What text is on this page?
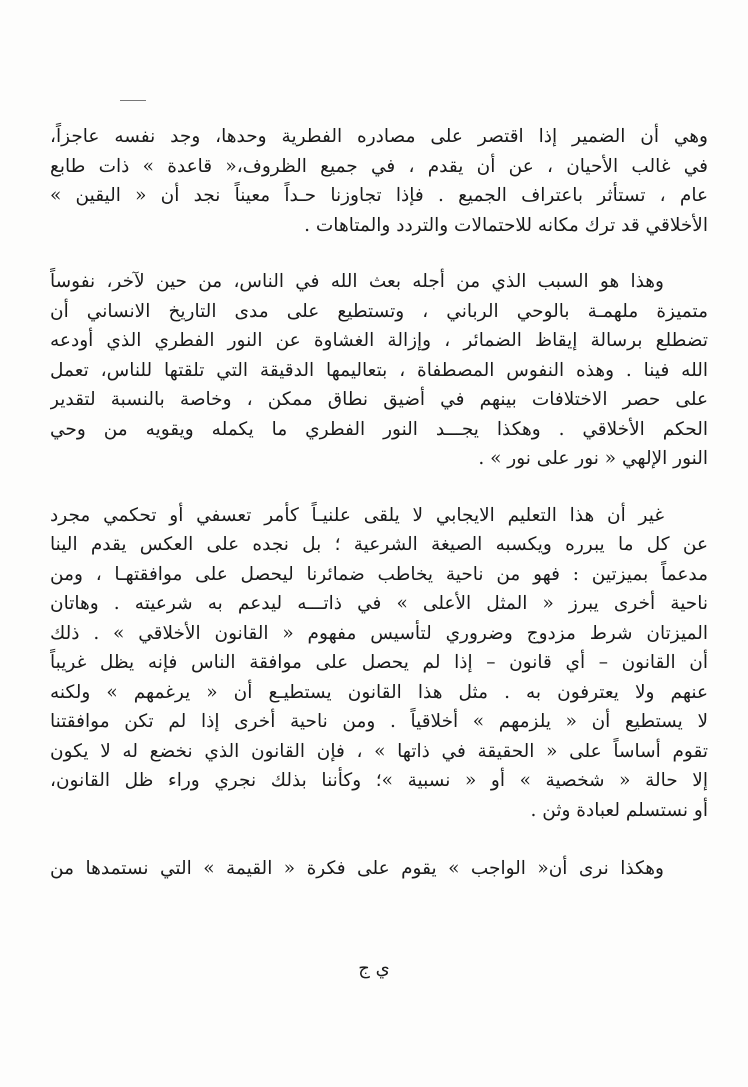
وهي أن الضمير إذا اقتصر على مصادره الفطرية وحدها، وجد نفسه عاجزاً،
في غالب الأحيان ، عن أن يقدم ، في جميع الظروف،« قاعدة » ذات طابع
عام ، تستأثر باعتراف الجميع . فإذا تجاوزنا حـداً معيناً نجد أن « اليقين »
الأخلاقي قد ترك مكانه للاحتمالات والتردد والمتاهات .
وهذا هو السبب الذي من أجله بعث الله في الناس، من حين لآخر، نفوساً
متميزة ملهمـة بالوحي الرباني ، وتستطيع على مدى التاريخ الانساني أن
تضطلع برسالة إيقاظ الضمائر ، وإزالة الغشاوة عن النور الفطري الذي أودعه
الله فينا . وهذه النفوس المصطفاة ، بتعاليمها الدقيقة التي تلقتها للناس، تعمل
على حصر الاختلافات بينهم في أضيق نطاق ممكن ، وخاصة بالنسبة لتقدير
الحكم الأخلاقي . وهكذا يجـــد النور الفطري ما يكمله ويقويه من وحي
النور الإلهي « نور على نور » .
غير أن هذا التعليم الايجابي لا يلقى علنيـاً كأمر تعسفي أو تحكمي مجرد
عن كل ما يبرره ويكسبه الصيغة الشرعية ؛ بل نجده على العكس يقدم الينا
مدعماً بميزتين : فهو من ناحية يخاطب ضمائرنا ليحصل على موافقتهـا ، ومن
ناحية أخرى يبرز « المثل الأعلى » في ذاتـــه ليدعم به شرعيته . وهاتان
الميزتان شرط مزدوج وضروري لتأسيس مفهوم « القانون الأخلاقي » . ذلك
أن القانون – أي قانون – إذا لم يحصل على موافقة الناس فإنه يظل غريباً
عنهم ولا يعترفون به . مثل هذا القانون يستطيـع أن « يرغمهم » ولكنه
لا يستطيع أن « يلزمهم » أخلاقياً . ومن ناحية أخرى إذا لم تكن موافقتنا
تقوم أساساً على « الحقيقة في ذاتها » ، فإن القانون الذي نخضع له لا يكون
إلا حالة « شخصية » أو « نسبية »؛ وكأننا بذلك نجري وراء ظل القانون،
أو نستسلم لعبادة وثن .
وهكذا نرى أن« الواجب » يقوم على فكرة « القيمة » التي نستمدها من
ي ج
